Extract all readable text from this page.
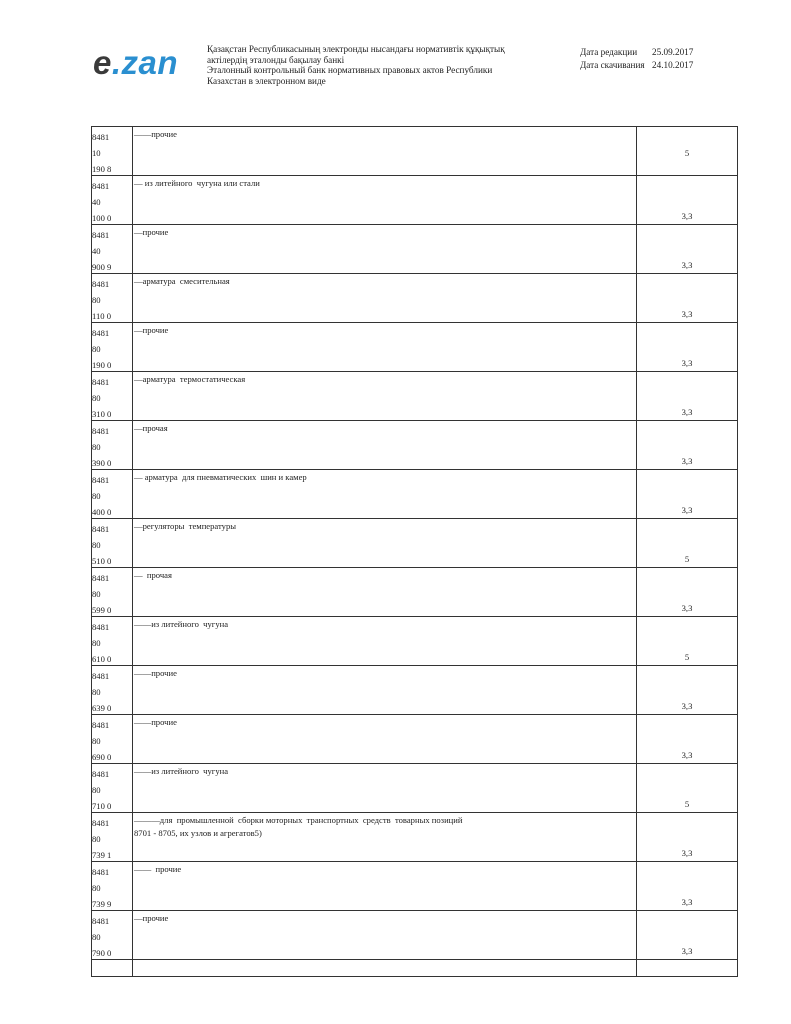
e.zan	Қазақстан Республикасының электронды нысандағы нормативтік құқықтық
актілердің эталонды бақылау банкі
Эталонный контрольный банк нормативных правовых актов Республики
Казахстан в электронном виде
Дата редакции 25.09.2017
Дата скачивания 24.10.2017
8481
10
190 8
——прочие
5
8481
40
100 0
— из литейного  чугуна или стали
3,3
8481
40
900 9
—прочие
3,3
8481
80
110 0
—арматура  смесительная
3,3
8481
80
190 0
—прочие
3,3
8481
80
310 0
—арматура  термостатическая
3,3
8481
80
390 0
—прочая
3,3
8481
80
400 0
— арматура  для пневматических  шин и камер
3,3
8481
80
510 0
—регуляторы  температуры
5
8481
80
599 0
—  прочая
3,3
8481
80
610 0
——из литейного  чугуна
5
8481
80
639 0
——прочие
3,3
8481
80
690 0
——прочие
3,3
8481
80
710 0
——из литейного  чугуна
5
8481
80
739 1
———для  промышленной  сборки моторных  транспортных  средств  товарных позиций
8701 - 8705, их узлов и агрегатов5)
3,3
8481
80
739 9
——  прочие
3,3
8481
80
790 0
—прочие
3,3
